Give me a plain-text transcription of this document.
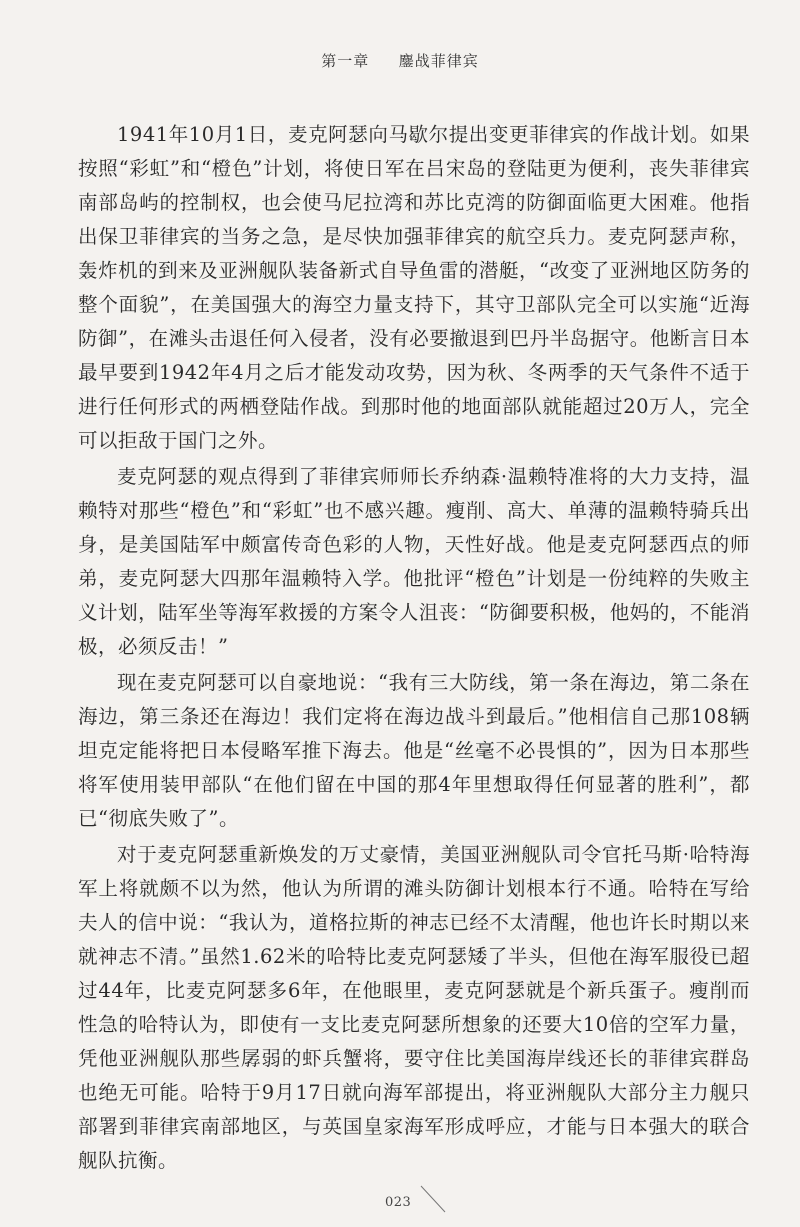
第一章 鏖战菲律宾

1941年10月1日，麦克阿瑟向马歇尔提出变更菲律宾的作战计划。如果按照“彩虹”和“橙色”计划，将使日军在吕宋岛的登陆更为便利，丧失菲律宾南部岛屿的控制权，也会使马尼拉湾和苏比克湾的防御面临更大困难。他指出保卫菲律宾的当务之急，是尽快加强菲律宾的航空兵力。麦克阿瑟声称，轰炸机的到来及亚洲舰队装备新式自导鱼雷的潜艇，“改变了亚洲地区防务的整个面貌”，在美国强大的海空力量支持下，其守卫部队完全可以实施“近海防御”，在滩头击退任何入侵者，没有必要撤退到巴丹半岛据守。他断言日本最早要到1942年4月之后才能发动攻势，因为秋、冬两季的天气条件不适于进行任何形式的两栖登陆作战。到那时他的地面部队就能超过20万人，完全可以拒敌于国门之外。

麦克阿瑟的观点得到了菲律宾师师长乔纳森·温赖特准将的大力支持，温赖特对那些“橙色”和“彩虹”也不感兴趣。瘦削、高大、单薄的温赖特骑兵出身，是美国陆军中颇富传奇色彩的人物，天性好战。他是麦克阿瑟西点的师弟，麦克阿瑟大四那年温赖特入学。他批评“橙色”计划是一份纯粹的失败主义计划，陆军坐等海军救援的方案令人沮丧：“防御要积极，他妈的，不能消极，必须反击！”

现在麦克阿瑟可以自豪地说：“我有三大防线，第一条在海边，第二条在海边，第三条还在海边！我们定将在海边战斗到最后。”他相信自己那108辆坦克定能将把日本侵略军推下海去。他是“丝毫不必畏惧的”，因为日本那些将军使用装甲部队“在他们留在中国的那4年里想取得任何显著的胜利”，都已“彻底失败了”。

对于麦克阿瑟重新焕发的万丈豪情，美国亚洲舰队司令官托马斯·哈特海军上将就颇不以为然，他认为所谓的滩头防御计划根本行不通。哈特在写给夫人的信中说：“我认为，道格拉斯的神志已经不太清醒，他也许长时期以来就神志不清。”虽然1.62米的哈特比麦克阿瑟矮了半头，但他在海军服役已超过44年，比麦克阿瑟多6年，在他眼里，麦克阿瑟就是个新兵蛋子。瘦削而性急的哈特认为，即使有一支比麦克阿瑟所想象的还要大10倍的空军力量，凭他亚洲舰队那些孱弱的虾兵蟹将，要守住比美国海岸线还长的菲律宾群岛也绝无可能。哈特于9月17日就向海军部提出，将亚洲舰队大部分主力舰只部署到菲律宾南部地区，与英国皇家海军形成呼应，才能与日本强大的联合舰队抗衡。

023
